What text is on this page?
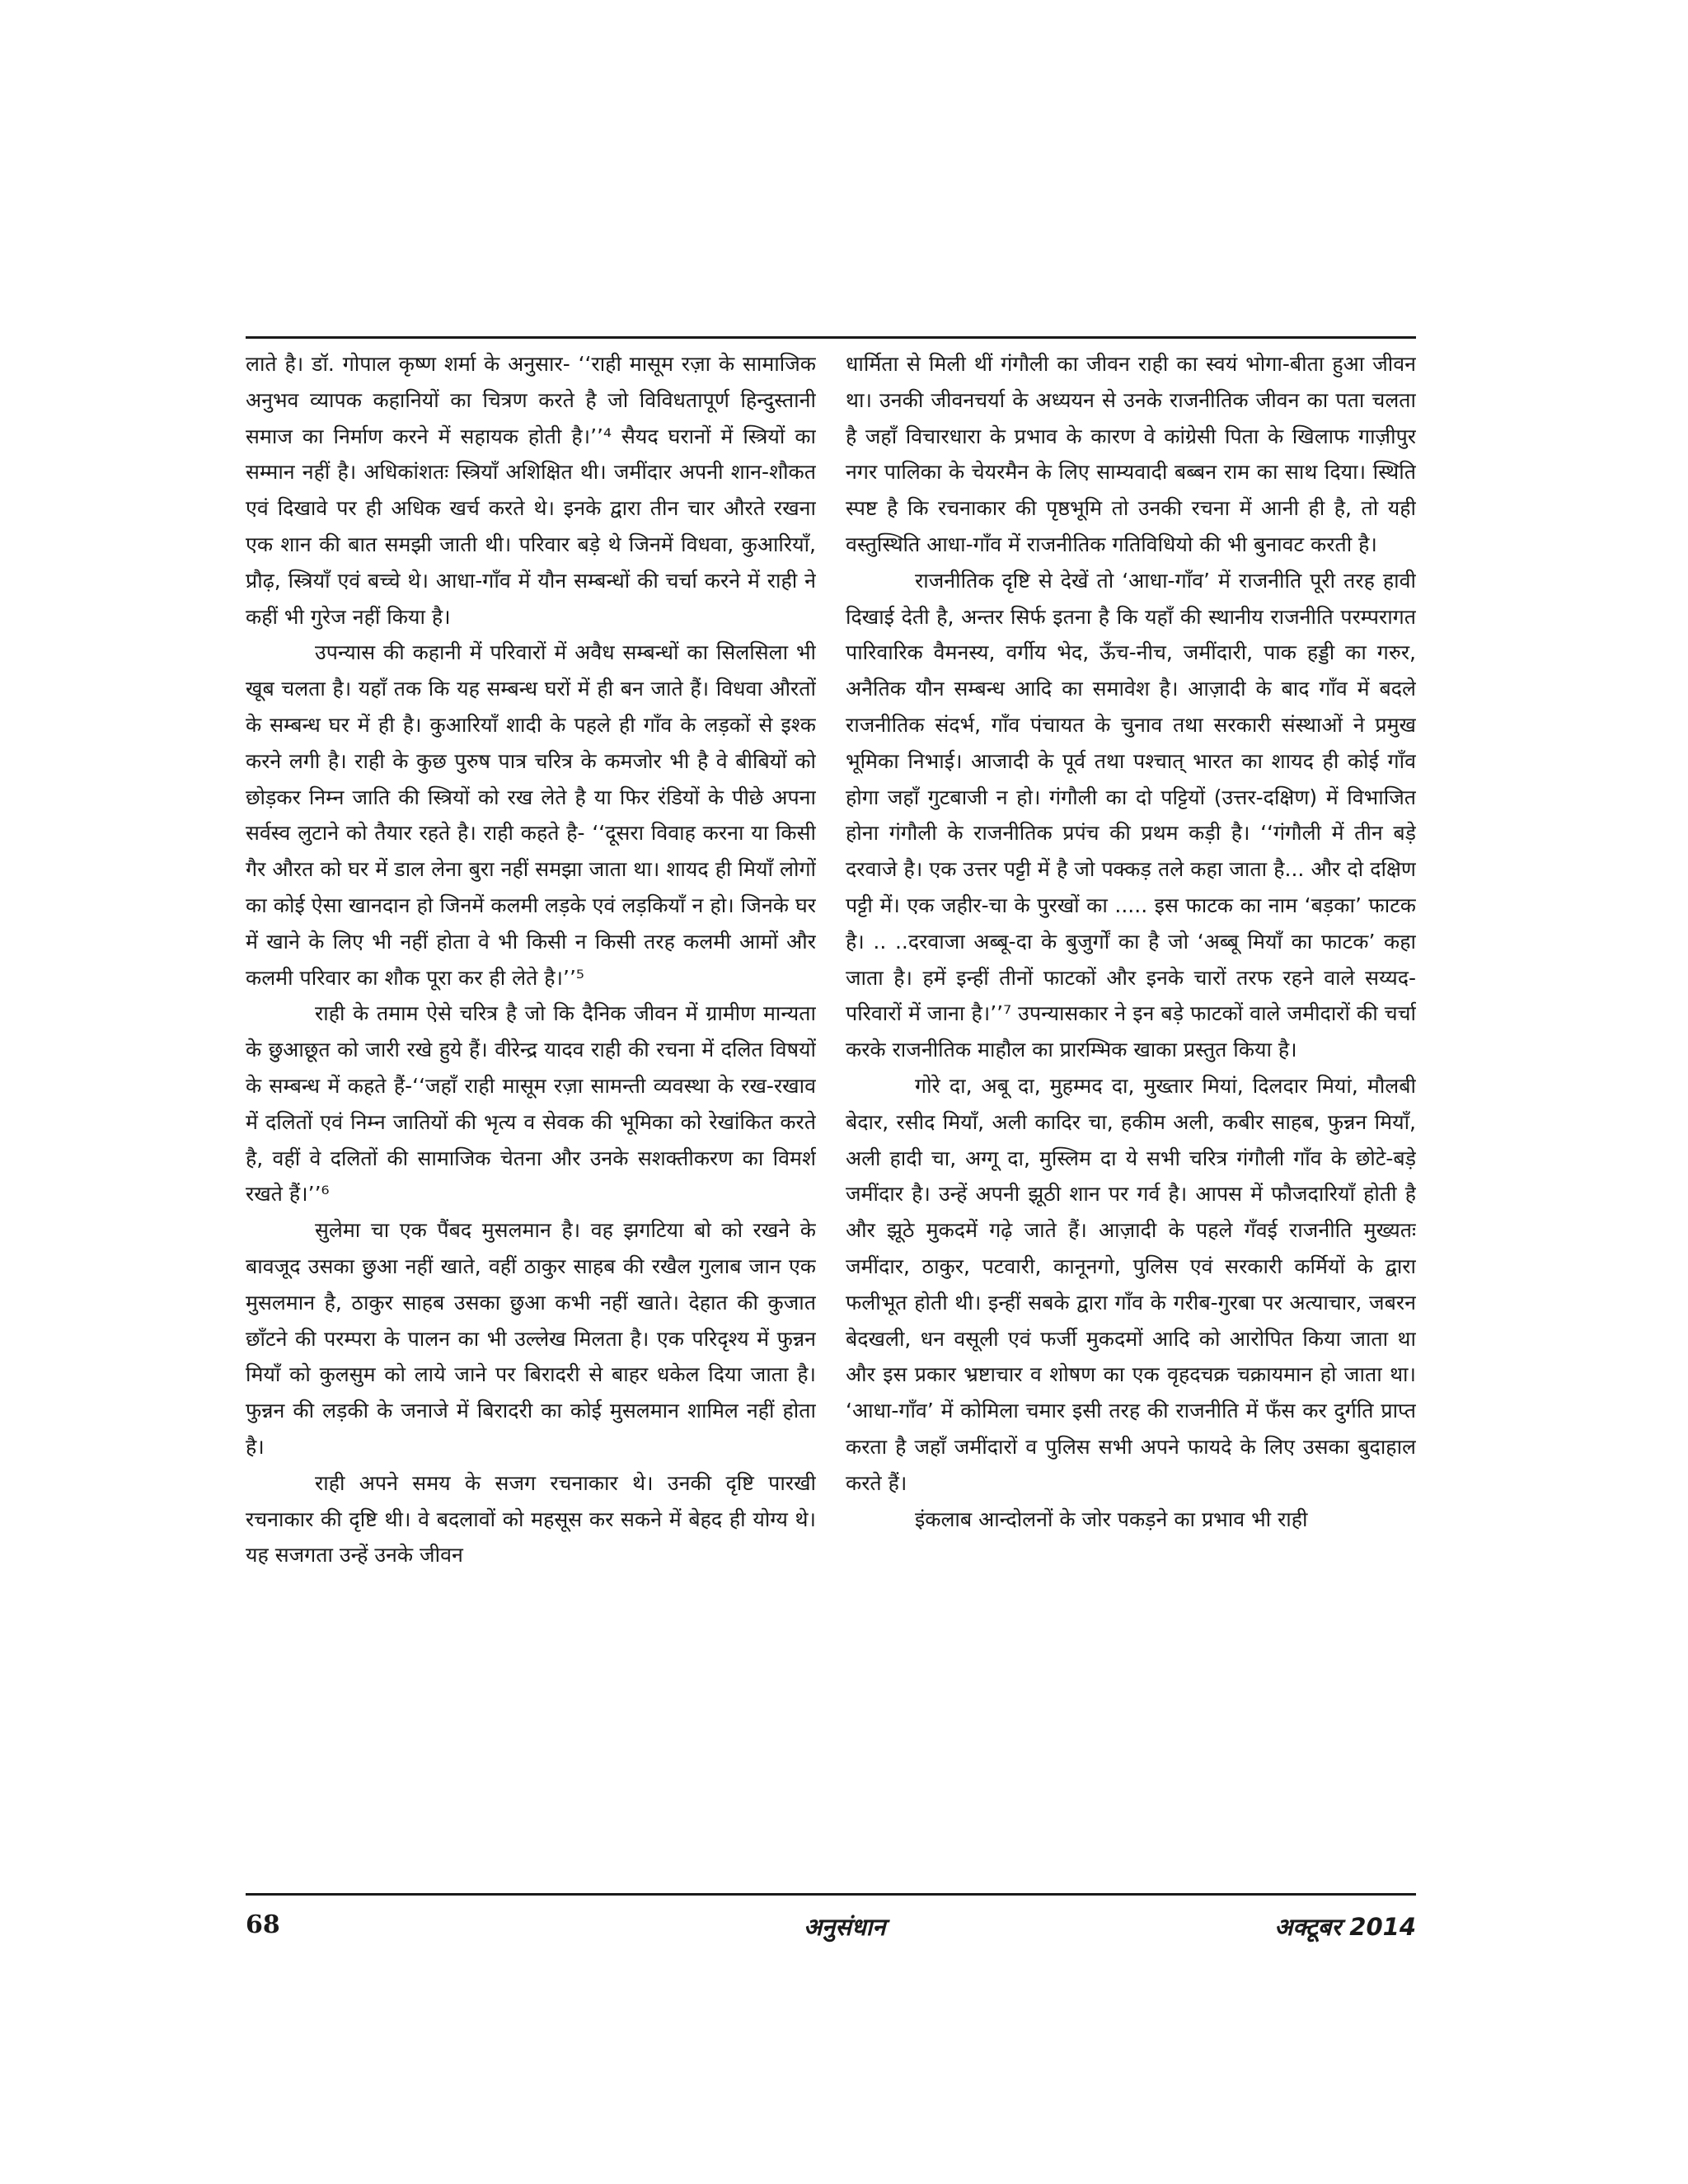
लाते है। डॉ. गोपाल कृष्ण शर्मा के अनुसार- ‘‘राही मासूम रज़ा के सामाजिक अनुभव व्यापक कहानियों का चित्रण करते है जो विविधतापूर्ण हिन्दुस्तानी समाज का निर्माण करने में सहायक होती है।’’⁴ सैयद घरानों में स्त्रियों का सम्मान नहीं है। अधिकांशतः स्त्रियाँ अशिक्षित थी। जमींदार अपनी शान-शौकत एवं दिखावे पर ही अधिक खर्च करते थे। इनके द्वारा तीन चार औरते रखना एक शान की बात समझी जाती थी। परिवार बड़े थे जिनमें विधवा, कुआरियाँ, प्रौढ़, स्त्रियाँ एवं बच्चे थे। आधा-गाँव में यौन सम्बन्धों की चर्चा करने में राही ने कहीं भी गुरेज नहीं किया है।

उपन्यास की कहानी में परिवारों में अवैध सम्बन्धों का सिलसिला भी खूब चलता है। यहाँ तक कि यह सम्बन्ध घरों में ही बन जाते हैं। विधवा औरतों के सम्बन्ध घर में ही है। कुआरियाँ शादी के पहले ही गाँव के लड़कों से इश्क करने लगी है। राही के कुछ पुरुष पात्र चरित्र के कमजोर भी है वे बीबियों को छोड़कर निम्न जाति की स्त्रियों को रख लेते है या फिर रंडियों के पीछे अपना सर्वस्व लुटाने को तैयार रहते है। राही कहते है- ‘‘दूसरा विवाह करना या किसी गैर औरत को घर में डाल लेना बुरा नहीं समझा जाता था। शायद ही मियाँ लोगों का कोई ऐसा खानदान हो जिनमें कलमी लड़के एवं लड़कियाँ न हो। जिनके घर में खाने के लिए भी नहीं होता वे भी किसी न किसी तरह कलमी आमों और कलमी परिवार का शौक पूरा कर ही लेते है।’’⁵

राही के तमाम ऐसे चरित्र है जो कि दैनिक जीवन में ग्रामीण मान्यता के छुआछूत को जारी रखे हुये हैं। वीरेन्द्र यादव राही की रचना में दलित विषयों के सम्बन्ध में कहते हैं-‘‘जहाँ राही मासूम रज़ा सामन्ती व्यवस्था के रख-रखाव में दलितों एवं निम्न जातियों की भृत्य व सेवक की भूमिका को रेखांकित करते है, वहीं वे दलितों की सामाजिक चेतना और उनके सशक्तीकरण का विमर्श रखते हैं।’’⁶

सुलेमा चा एक पैंबद मुसलमान है। वह झगटिया बो को रखने के बावजूद उसका छुआ नहीं खाते, वहीं ठाकुर साहब की रखैल गुलाब जान एक मुसलमान है, ठाकुर साहब उसका छुआ कभी नहीं खाते। देहात की कुजात छाँटने की परम्परा के पालन का भी उल्लेख मिलता है। एक परिदृश्य में फुन्नन मियाँ को कुलसुम को लाये जाने पर बिरादरी से बाहर धकेल दिया जाता है। फुन्नन की लड़की के जनाजे में बिरादरी का कोई मुसलमान शामिल नहीं होता है।

राही अपने समय के सजग रचनाकार थे। उनकी दृष्टि पारखी रचनाकार की दृष्टि थी। वे बदलावों को महसूस कर सकने में बेहद ही योग्य थे। यह सजगता उन्हें उनके जीवन

धार्मिता से मिली थीं गंगौली का जीवन राही का स्वयं भोगा-बीता हुआ जीवन था। उनकी जीवनचर्या के अध्ययन से उनके राजनीतिक जीवन का पता चलता है जहाँ विचारधारा के प्रभाव के कारण वे कांग्रेसी पिता के खिलाफ गाज़ीपुर नगर पालिका के चेयरमैन के लिए साम्यवादी बब्बन राम का साथ दिया। स्थिति स्पष्ट है कि रचनाकार की पृष्ठभूमि तो उनकी रचना में आनी ही है, तो यही वस्तुस्थिति आधा-गाँव में राजनीतिक गतिविधियो की भी बुनावट करती है।

राजनीतिक दृष्टि से देखें तो ‘आधा-गाँव’ में राजनीति पूरी तरह हावी दिखाई देती है, अन्तर सिर्फ इतना है कि यहाँ की स्थानीय राजनीति परम्परागत पारिवारिक वैमनस्य, वर्गीय भेद, ऊँच-नीच, जमींदारी, पाक हड्डी का गरुर, अनैतिक यौन सम्बन्ध आदि का समावेश है। आज़ादी के बाद गाँव में बदले राजनीतिक संदर्भ, गाँव पंचायत के चुनाव तथा सरकारी संस्थाओं ने प्रमुख भूमिका निभाई। आजादी के पूर्व तथा पश्चात् भारत का शायद ही कोई गाँव होगा जहाँ गुटबाजी न हो। गंगौली का दो पट्टियों (उत्तर-दक्षिण) में विभाजित होना गंगौली के राजनीतिक प्रपंच की प्रथम कड़ी है। ‘‘गंगौली में तीन बड़े दरवाजे है। एक उत्तर पट्टी में है जो पक्कड़ तले कहा जाता है... और दो दक्षिण पट्टी में। एक जहीर-चा के पुरखों का ..... इस फाटक का नाम ‘बड़का’ फाटक है। .. ..दरवाजा अब्बू-दा के बुजुर्गों का है जो ‘अब्बू मियाँ का फाटक’ कहा जाता है। हमें इन्हीं तीनों फाटकों और इनके चारों तरफ रहने वाले सय्यद-परिवारों में जाना है।’’⁷ उपन्यासकार ने इन बड़े फाटकों वाले जमीदारों की चर्चा करके राजनीतिक माहौल का प्रारम्भिक खाका प्रस्तुत किया है।

गोरे दा, अबू दा, मुहम्मद दा, मुख्तार मियां, दिलदार मियां, मौलबी बेदार, रसीद मियाँ, अली कादिर चा, हकीम अली, कबीर साहब, फुन्नन मियाँ, अली हादी चा, अग्गू दा, मुस्लिम दा ये सभी चरित्र गंगौली गाँव के छोटे-बड़े जमींदार है। उन्हें अपनी झूठी शान पर गर्व है। आपस में फौजदारियाँ होती है और झूठे मुकदमें गढ़े जाते हैं। आज़ादी के पहले गँवई राजनीति मुख्यतः जमींदार, ठाकुर, पटवारी, कानूनगो, पुलिस एवं सरकारी कर्मियों के द्वारा फलीभूत होती थी। इन्हीं सबके द्वारा गाँव के गरीब-गुरबा पर अत्याचार, जबरन बेदखली, धन वसूली एवं फर्जी मुकदमों आदि को आरोपित किया जाता था और इस प्रकार भ्रष्टाचार व शोषण का एक वृहदचक्र चक्रायमान हो जाता था। ‘आधा-गाँव’ में कोमिला चमार इसी तरह की राजनीति में फँस कर दुर्गति प्राप्त करता है जहाँ जमींदारों व पुलिस सभी अपने फायदे के लिए उसका बुदाहाल करते हैं।

इंकलाब आन्दोलनों के जोर पकड़ने का प्रभाव भी राही

68	अनुसंधान	अक्टूबर 2014
